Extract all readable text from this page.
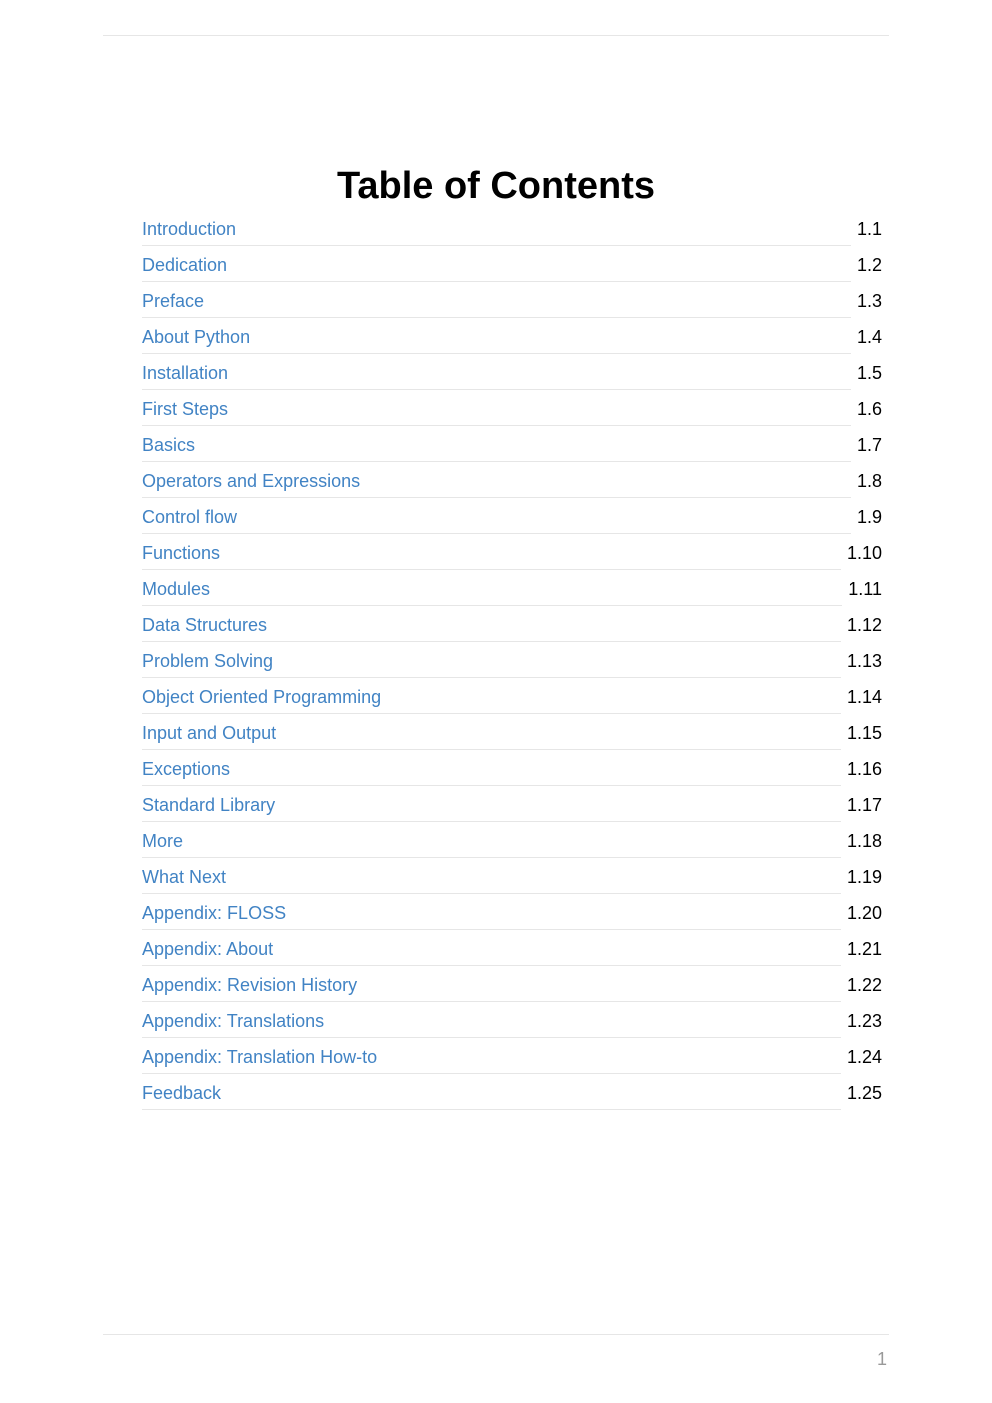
Table of Contents
Introduction	1.1
Dedication	1.2
Preface	1.3
About Python	1.4
Installation	1.5
First Steps	1.6
Basics	1.7
Operators and Expressions	1.8
Control flow	1.9
Functions	1.10
Modules	1.11
Data Structures	1.12
Problem Solving	1.13
Object Oriented Programming	1.14
Input and Output	1.15
Exceptions	1.16
Standard Library	1.17
More	1.18
What Next	1.19
Appendix: FLOSS	1.20
Appendix: About	1.21
Appendix: Revision History	1.22
Appendix: Translations	1.23
Appendix: Translation How-to	1.24
Feedback	1.25
1
